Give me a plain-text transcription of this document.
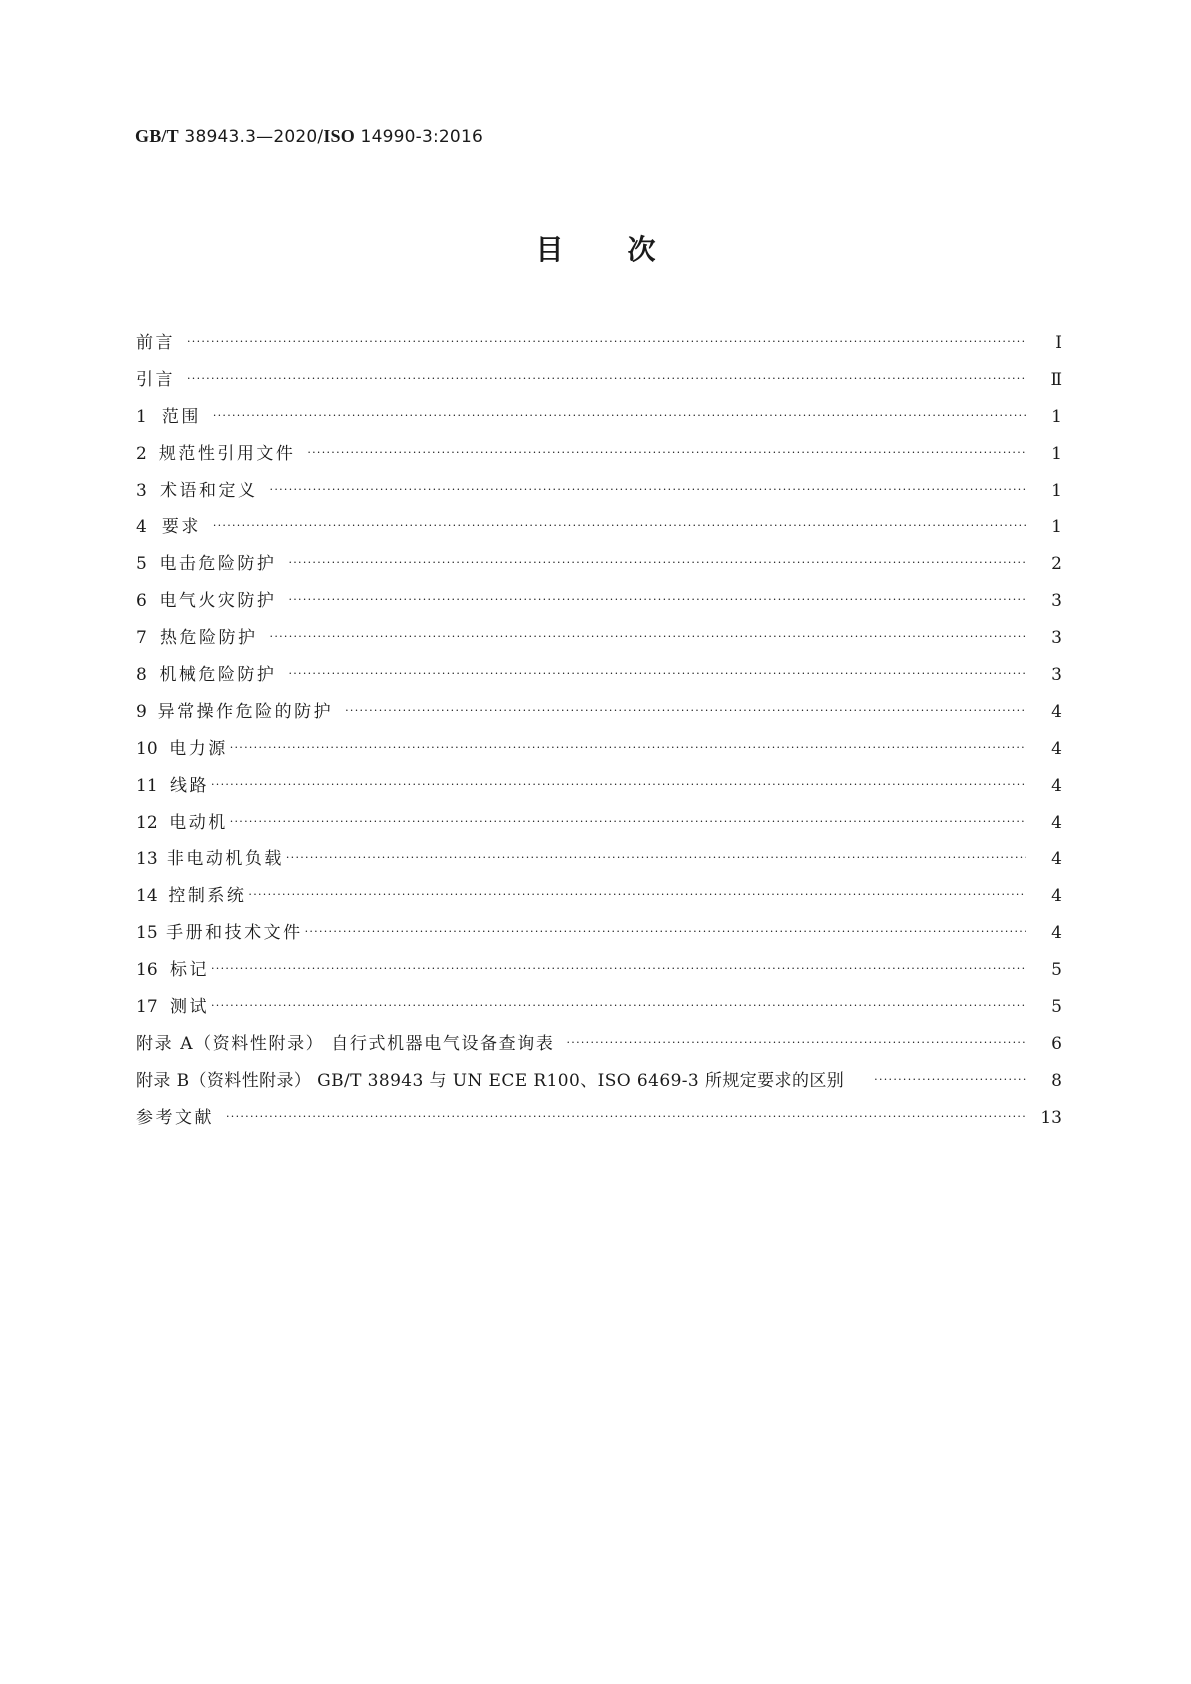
GB/T 38943.3—2020/ISO 14990-3:2016
目 次
前言 ·····	Ⅰ
引言 ·····	Ⅱ
1 范围 ·····	1
2 规范性引用文件 ·····	1
3 术语和定义 ·····	1
4 要求 ·····	1
5 电击危险防护 ·····	2
6 电气火灾防护 ·····	3
7 热危险防护 ·····	3
8 机械危险防护 ·····	3
9 异常操作危险的防护 ·····	4
10 电力源 ·····	4
11 线路 ·····	4
12 电动机 ·····	4
13 非电动机负载 ·····	4
14 控制系统 ·····	4
15 手册和技术文件 ·····	4
16 标记 ·····	5
17 测试 ·····	5
附录 A（资料性附录） 自行式机器电气设备查询表 ·····	6
附录 B（资料性附录） GB/T 38943 与 UN ECE R100、ISO 6469-3 所规定要求的区别 ·····	8
参考文献 ·····	13
